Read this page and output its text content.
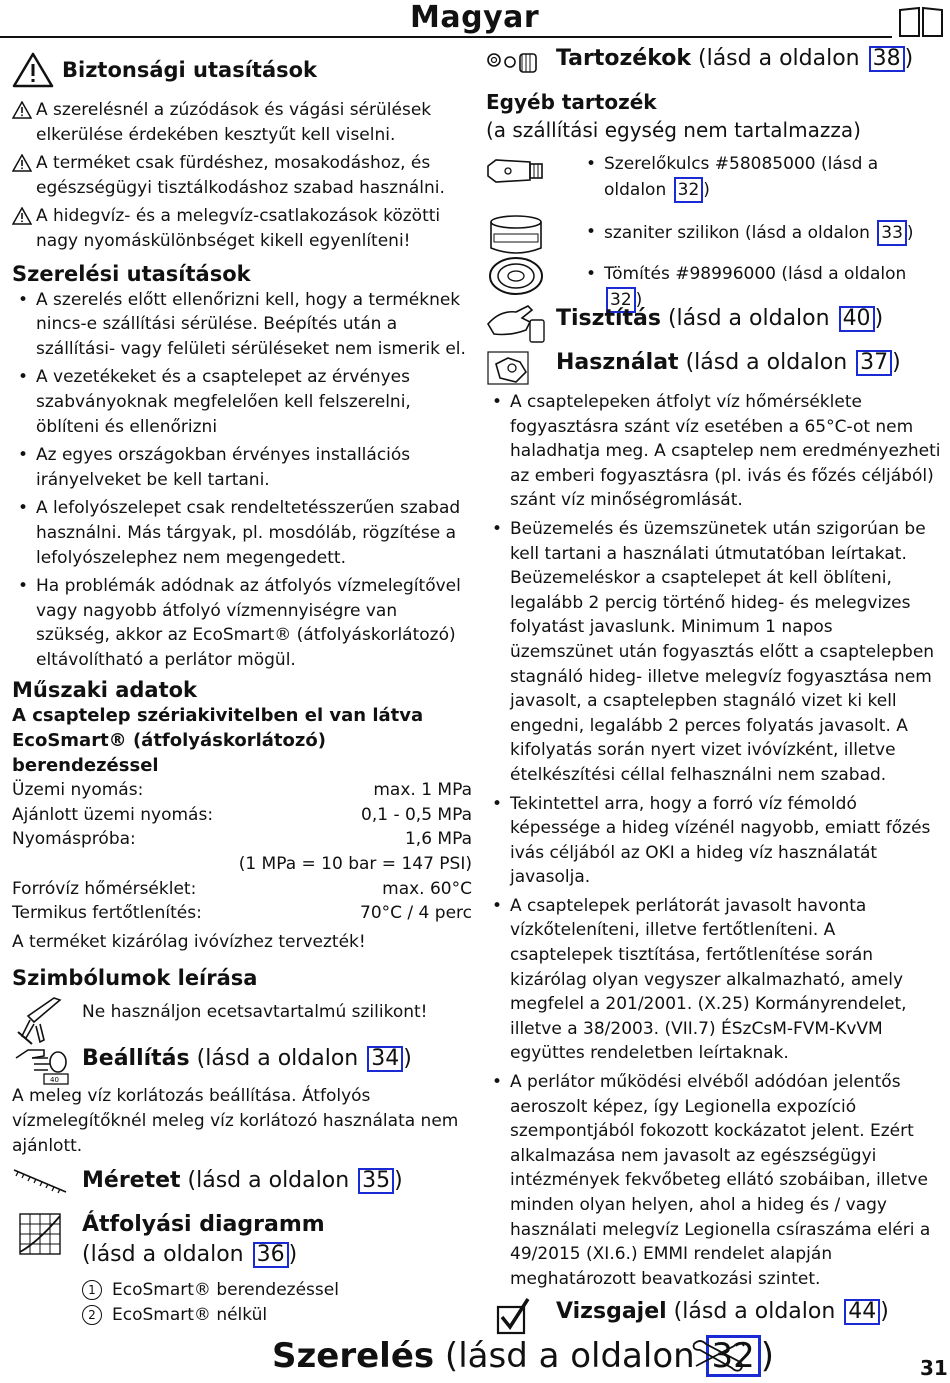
Magyar
Biztonsági utasítások
A szerelésnél a zúzódások és vágási sérülések elkerülése érdekében kesztyűt kell viselni.
A terméket csak fürdéshez, mosakodáshoz, és egészségügyi tisztálkodáshoz szabad használni.
A hidegvíz- és a melegvíz-csatlakozások közötti nagy nyomáskülönbséget kikell egyenlíteni!
Szerelési utasítások
• A szerelés előtt ellenőrizni kell, hogy a terméknek nincs-e szállítási sérülése. Beépítés után a szállítási- vagy felületi sérüléseket nem ismerik el.
• A vezetékeket és a csaptelepet az érvényes szabványoknak megfelelően kell felszerelni, öblíteni és ellenőrizni
• Az egyes országokban érvényes installációs irányelveket be kell tartani.
• A lefolyószelepet csak rendeltetésszerűen szabad használni. Más tárgyak, pl. mosdóláb, rögzítése a lefolyószelephez nem megengedett.
• Ha problémák adódnak az átfolyós vízmelegítővel vagy nagyobb átfolyó vízmennyiségre van szükség, akkor az EcoSmart® (átfolyáskorlátozó) eltávolítható a perlátor mögül.
Műszaki adatok
A csaptelep szériakivitelben el van látva EcoSmart® (átfolyáskorlátozó) berendezéssel
Üzemi nyomás:	max. 1 MPa
Ajánlott üzemi nyomás:	0,1 - 0,5 MPa
Nyomáspróba:	1,6 MPa
(1 MPa = 10 bar = 147 PSI)
Forróvíz hőmérséklet:	max. 60°C
Termikus fertőtlenítés:	70°C / 4 perc
A terméket kizárólag ivóvízhez tervezték!
Szimbólumok leírása
Ne használjon ecetsavtartalmú szilikont!
40
Beállítás (lásd a oldalon 34 )
A meleg víz korlátozás beállítása. Átfolyós vízmelegítőknél meleg víz korlátozó használata nem ajánlott.
Méretet (lásd a oldalon 35 )
Átfolyási diagramm
(lásd a oldalon 36 )
1 EcoSmart® berendezéssel
2 EcoSmart® nélkül
Tartozékok (lásd a oldalon 38 )
Egyéb tartozék
(a szállítási egység nem tartalmazza)
• Szerelőkulcs #58085000 (lásd a oldalon 32 )
• szaniter szilikon (lásd a oldalon 33 )
• Tömítés #98996000 (lásd a oldalon 32 )
Tisztítás (lásd a oldalon 40 )
Használat (lásd a oldalon 37 )
• A csaptelepeken átfolyt víz hőmérséklete fogyasztásra szánt víz esetében a 65°C-ot nem haladhatja meg. A csaptelep nem eredményezheti az emberi fogyasztásra (pl. ivás és főzés céljából) szánt víz minőségromlását.
• Beüzemelés és üzemszünetek után szigorúan be kell tartani a használati útmutatóban leírtakat. Beüzemeléskor a csaptelepet át kell öblíteni, legalább 2 percig történő hideg- és melegvizes folyatást javaslunk. Minimum 1 napos üzemszünet után fogyasztás előtt a csaptelepben stagnáló hideg- illetve melegvíz fogyasztása nem javasolt, a csaptelepben stagnáló vizet ki kell engedni, legalább 2 perces folyatás javasolt. A kifolyatás során nyert vizet ivóvízként, illetve ételkészítési céllal felhasználni nem szabad.
• Tekintettel arra, hogy a forró víz fémoldó képessége a hideg vízénél nagyobb, emiatt főzés ivás céljából az OKI a hideg víz használatát javasolja.
• A csaptelepek perlátorát javasolt havonta vízkőteleníteni, illetve fertőtleníteni. A csaptelepek tisztítása, fertőtlenítése során kizárólag olyan vegyszer alkalmazható, amely megfelel a 201/2001. (X.25) Kormányrendelet, illetve a 38/2003. (VII.7) ÉSzCsM-FVM-KvVM együttes rendeletben leírtaknak.
• A perlátor működési elvéből adódóan jelentős aeroszolt képez, így Legionella expozíció szempontjából fokozott kockázatot jelent. Ezért alkalmazása nem javasolt az egészségügyi intézmények fekvőbeteg ellátó szobáiban, illetve minden olyan helyen, ahol a hideg és / vagy használati melegvíz Legionella csíraszáma eléri a 49/2015 (XI.6.) EMMI rendelet alapján meghatározott beavatkozási szintet.
Vizsgajel (lásd a oldalon 44 )
Szerelés (lásd a oldalon 32 )	31
